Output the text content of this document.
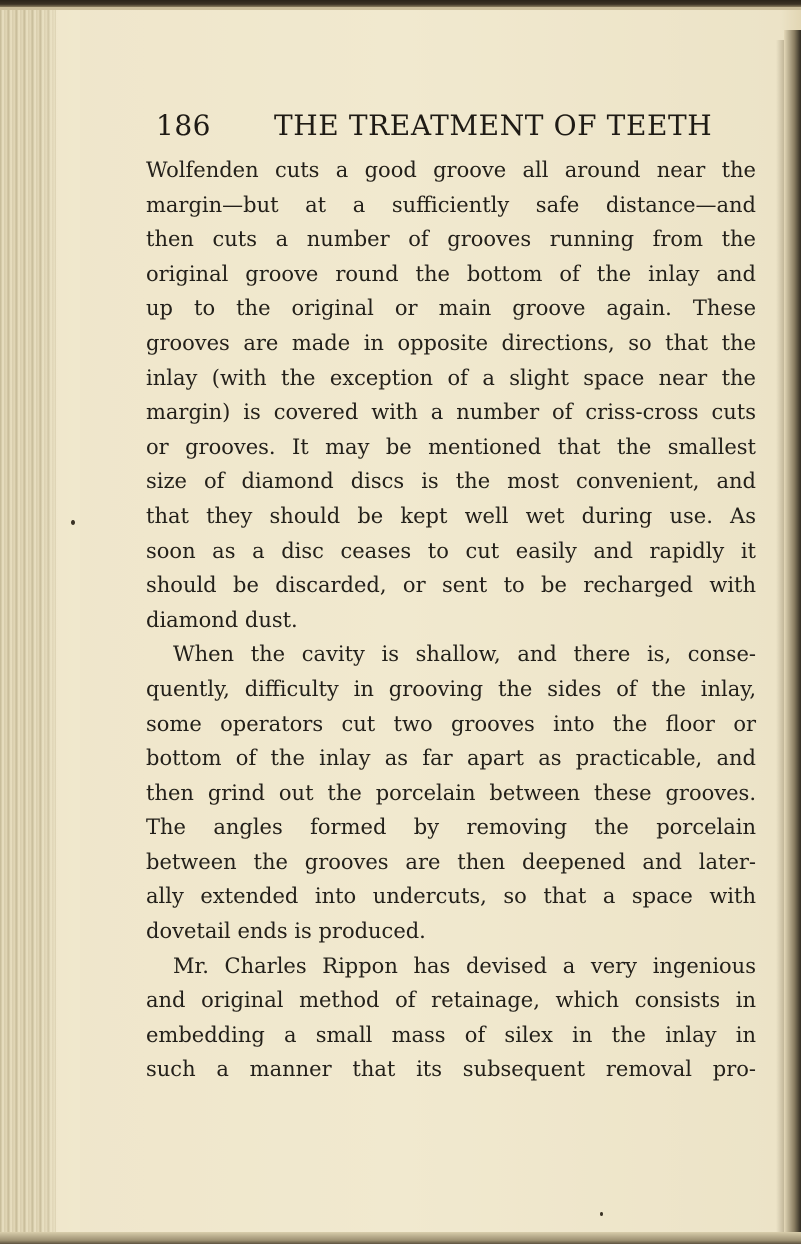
186 THE TREATMENT OF TEETH
Wolfenden cuts a good groove all around near the
margin—but at a sufficiently safe distance—and
then cuts a number of grooves running from the
original groove round the bottom of the inlay and
up to the original or main groove again. These
grooves are made in opposite directions, so that the
inlay (with the exception of a slight space near the
margin) is covered with a number of criss-cross cuts
or grooves. It may be mentioned that the smallest
size of diamond discs is the most convenient, and
that they should be kept well wet during use. As
soon as a disc ceases to cut easily and rapidly it
should be discarded, or sent to be recharged with
diamond dust.
When the cavity is shallow, and there is, conse-
quently, difficulty in grooving the sides of the inlay,
some operators cut two grooves into the floor or
bottom of the inlay as far apart as practicable, and
then grind out the porcelain between these grooves.
The angles formed by removing the porcelain
between the grooves are then deepened and later-
ally extended into undercuts, so that a space with
dovetail ends is produced.
Mr. Charles Rippon has devised a very ingenious
and original method of retainage, which consists in
embedding a small mass of silex in the inlay in
such a manner that its subsequent removal pro-
